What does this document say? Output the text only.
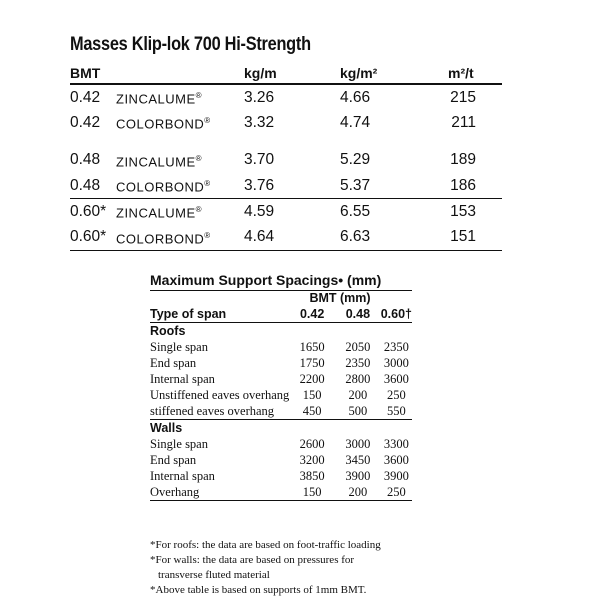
Masses Klip-lok 700 Hi-Strength
BMT		kg/m	kg/m²	m²/t
0.42	ZINCALUME®	3.26	4.66	215
0.42	COLORBOND®	3.32	4.74	211

0.48	ZINCALUME®	3.70	5.29	189
0.48	COLORBOND®	3.76	5.37	186
0.60*	ZINCALUME®	4.59	6.55	153
0.60*	COLORBOND®	4.64	6.63	151
Maximum Support Spacings• (mm)
BMT (mm)			
Type of span	0.42	0.48	0.60†
Roofs			
Single span	1650	2050	2350
End span	1750	2350	3000
Internal span	2200	2800	3600
Unstiffened eaves overhang	150	200	250
stiffened eaves overhang	450	500	550
Walls			
Single span	2600	3000	3300
End span	3200	3450	3600
Internal span	3850	3900	3900
Overhang	150	200	250
*For roofs: the data are based on foot-traffic loading
*For walls: the data are based on pressures for
transverse fluted material
*Above table is based on supports of 1mm BMT.
